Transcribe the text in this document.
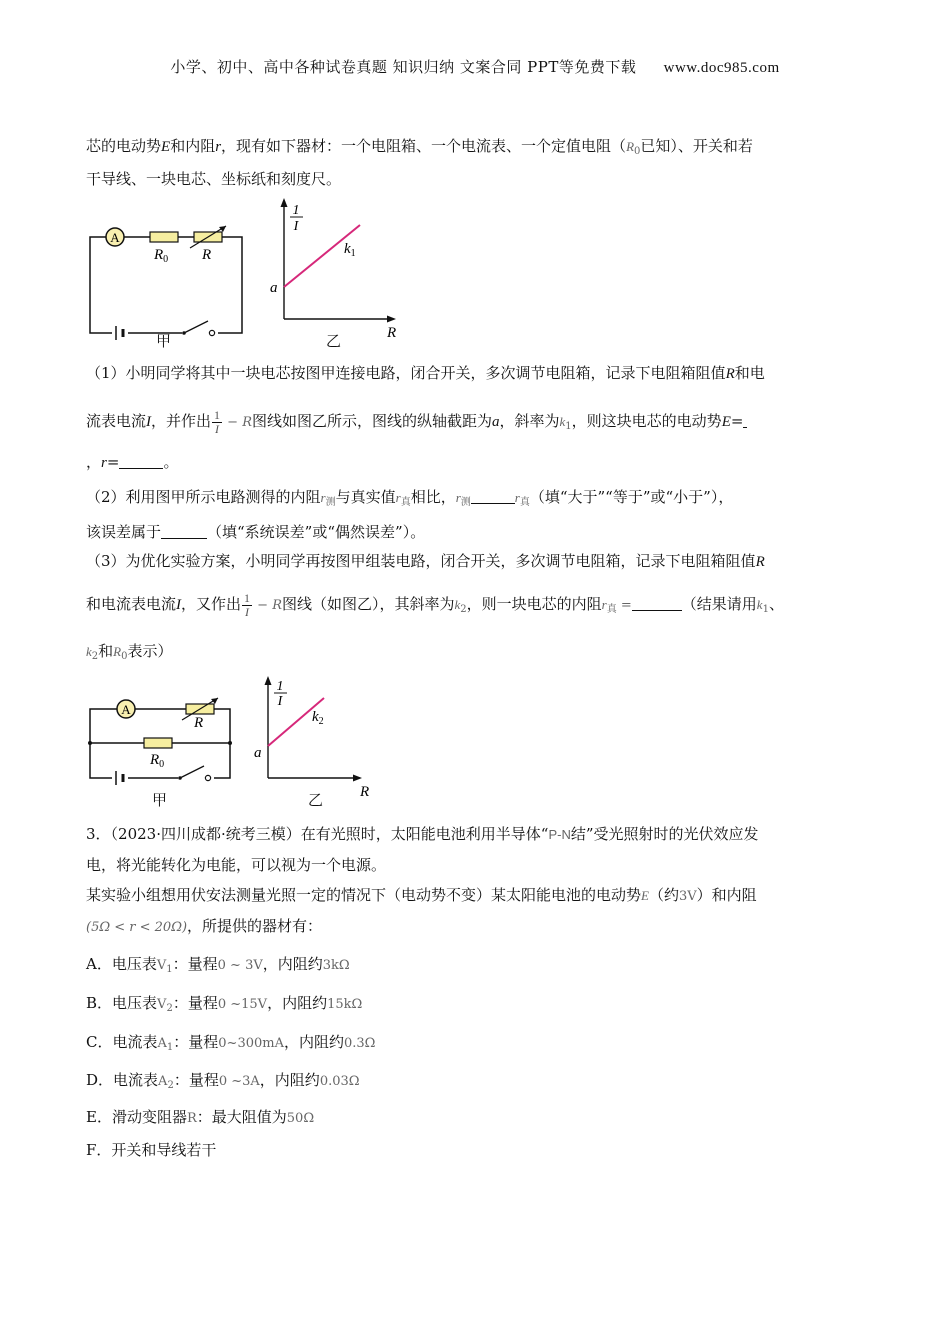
小学、初中、高中各种试卷真题 知识归纳 文案合同 PPT等免费下载 www.doc985.com
芯的电动势E和内阻r，现有如下器材：一个电阻箱、一个电流表、一个定值电阻（$R_0$已知）、开关和若
干导线、一块电芯、坐标纸和刻度尺。
A
$R_0$ R
甲
1
I
a
$k_1$
R
乙
（1）小明同学将其中一块电芯按图甲连接电路，闭合开关，多次调节电阻箱，记录下电阻箱阻值R和电
流表电流I，并作出 $\frac{1}{I} - R$图线如图乙所示，图线的纵轴截距为a，斜率为$k_1$，则这块电芯的电动势E=
，r=	。
（2）利用图甲所示电路测得的内阻$r_测$与真实值$r_真$相比，$r_测$	$r_真$（填“大于”“等于”或“小于”），
该误差属于	（填“系统误差”或“偶然误差”）。
（3）为优化实验方案，小明同学再按图甲组装电路，闭合开关，多次调节电阻箱，记录下电阻箱阻值R
和电流表电流I，又作出 $\frac{1}{I} - R$图线（如图乙），其斜率为$k_2$，则一块电芯的内阻$r_真$ =	（结果请用$k_1$、
$k_2$和$R_0$表示）
A
R
$R_0$
甲
1
I
a
$k_2$
R
乙
3．（2023·四川成都·统考三模）在有光照时，太阳能电池利用半导体“P-N结”受光照射时的光伏效应发
电，将光能转化为电能，可以视为一个电源。
某实验小组想用伏安法测量光照一定的情况下（电动势不变）某太阳能电池的电动势E（约3V）和内阻
(5Ω < r < 20Ω)，所提供的器材有：
A．电压表$V_1$：量程0 ~ 3V，内阻约3kΩ
B．电压表$V_2$：量程0 ~15V，内阻约15kΩ
C．电流表$A_1$：量程0~300mA，内阻约0.3Ω
D．电流表$A_2$：量程0 ~3A，内阻约0.03Ω
E．滑动变阻器R：最大阻值为50Ω
F．开关和导线若干
